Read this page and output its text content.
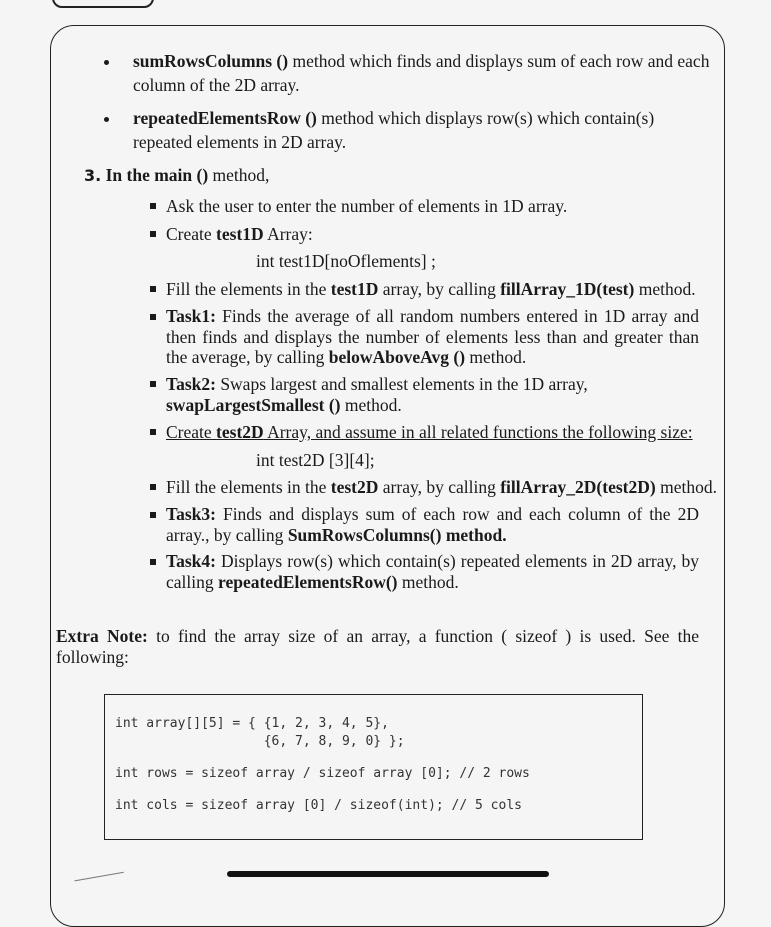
sumRowsColumns () method which finds and displays sum of each row and each
column of the 2D array.
repeatedElementsRow () method which displays row(s) which contain(s)
repeated elements in 2D array.
3. In the main () method,
Ask the user to enter the number of elements in 1D array.
Create test1D Array:
int test1D[noOflements] ;
Fill the elements in the test1D array, by calling fillArray_1D(test) method.
Task1: Finds the average of all random numbers entered in 1D array and then finds and displays the number of elements less than and greater than the average, by calling belowAboveAvg () method.
Task2: Swaps largest and smallest elements in the 1D array,
swapLargestSmallest () method.
Create test2D Array, and assume in all related functions the following size:
int test2D [3][4];
Fill the elements in the test2D array, by calling fillArray_2D(test2D) method.
Task3: Finds and displays sum of each row and each column of the 2D array., by calling SumRowsColumns() method.
Task4: Displays row(s) which contain(s) repeated elements in 2D array, by calling repeatedElementsRow() method.
Extra Note: to find the array size of an array, a function ( sizeof ) is used. See the following:
int array[][5] = { {1, 2, 3, 4, 5},
{6, 7, 8, 9, 0} };
int rows = sizeof array / sizeof array [0]; // 2 rows
int cols = sizeof array [0] / sizeof(int); // 5 cols
